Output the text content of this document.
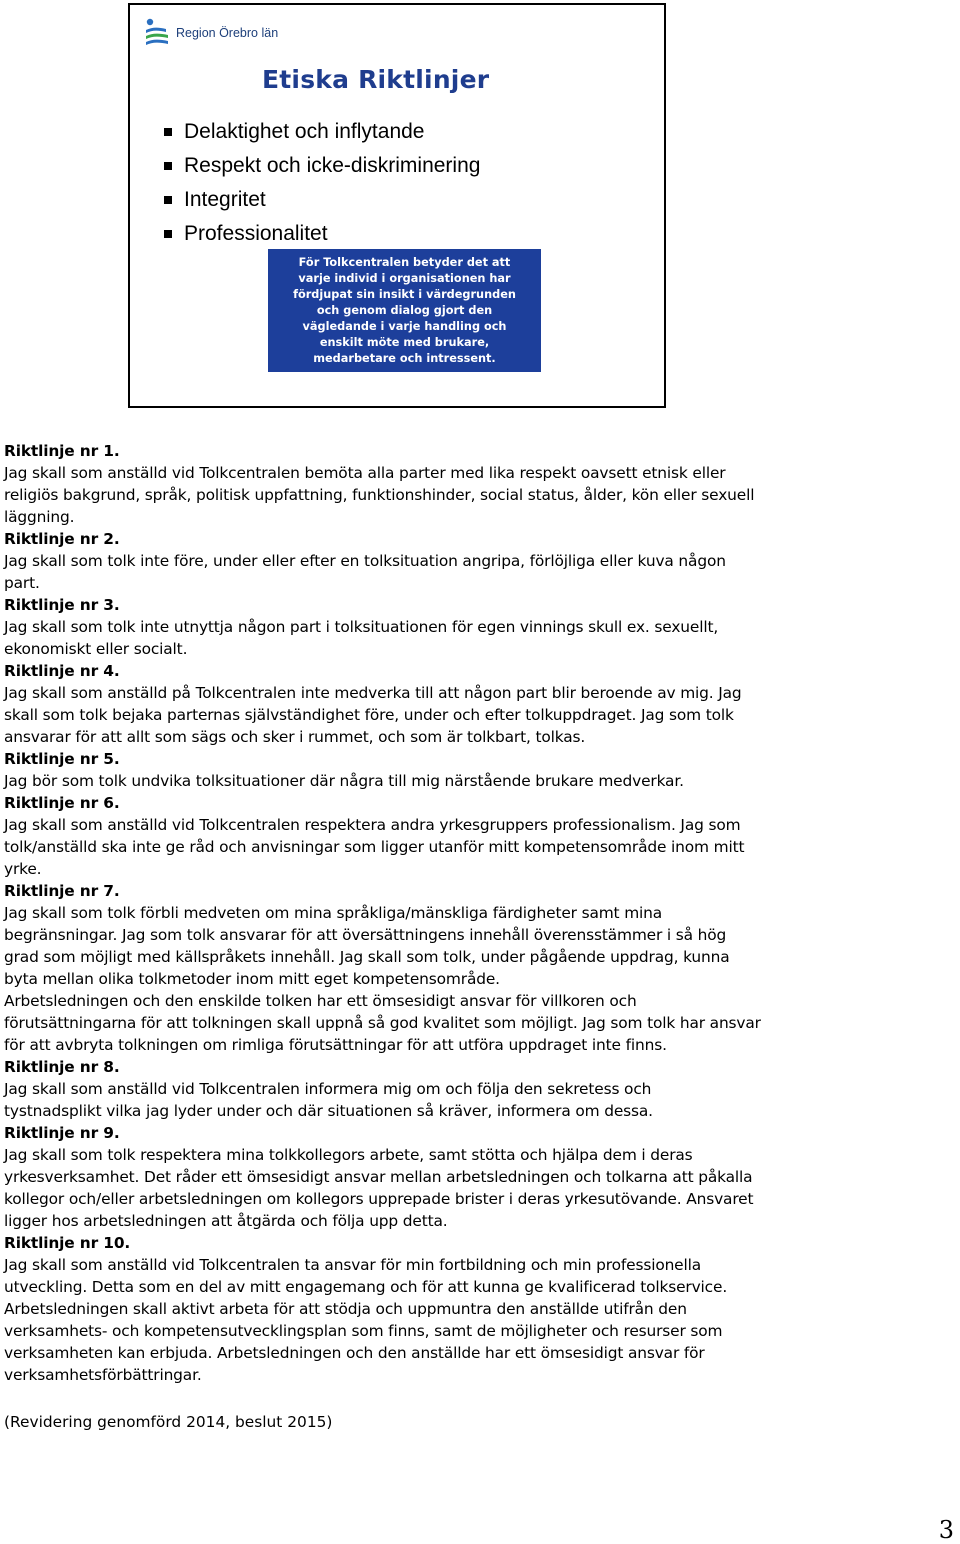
Region Örebro län
Etiska Riktlinjer
Delaktighet och inflytande
Respekt och icke-diskriminering
Integritet
Professionalitet
För Tolkcentralen betyder det att
varje individ i organisationen har
fördjupat sin insikt i värdegrunden
och genom dialog gjort den
vägledande i varje handling och
enskilt möte med brukare,
medarbetare och intressent.
Riktlinje nr 1.
Jag skall som anställd vid Tolkcentralen bemöta alla parter med lika respekt oavsett etnisk eller
religiös bakgrund, språk, politisk uppfattning, funktionshinder, social status, ålder, kön eller sexuell
läggning.
Riktlinje nr 2.
Jag skall som tolk inte före, under eller efter en tolksituation angripa, förlöjliga eller kuva någon
part.
Riktlinje nr 3.
Jag skall som tolk inte utnyttja någon part i tolksituationen för egen vinnings skull ex. sexuellt,
ekonomiskt eller socialt.
Riktlinje nr 4.
Jag skall som anställd på Tolkcentralen inte medverka till att någon part blir beroende av mig. Jag
skall som tolk bejaka parternas självständighet före, under och efter tolkuppdraget. Jag som tolk
ansvarar för att allt som sägs och sker i rummet, och som är tolkbart, tolkas.
Riktlinje nr 5.
Jag bör som tolk undvika tolksituationer där några till mig närstående brukare medverkar.
Riktlinje nr 6.
Jag skall som anställd vid Tolkcentralen respektera andra yrkesgruppers professionalism. Jag som
tolk/anställd ska inte ge råd och anvisningar som ligger utanför mitt kompetensområde inom mitt
yrke.
Riktlinje nr 7.
Jag skall som tolk förbli medveten om mina språkliga/mänskliga färdigheter samt mina
begränsningar. Jag som tolk ansvarar för att översättningens innehåll överensstämmer i så hög
grad som möjligt med källspråkets innehåll. Jag skall som tolk, under pågående uppdrag, kunna
byta mellan olika tolkmetoder inom mitt eget kompetensområde.
Arbetsledningen och den enskilde tolken har ett ömsesidigt ansvar för villkoren och
förutsättningarna för att tolkningen skall uppnå så god kvalitet som möjligt. Jag som tolk har ansvar
för att avbryta tolkningen om rimliga förutsättningar för att utföra uppdraget inte finns.
Riktlinje nr 8.
Jag skall som anställd vid Tolkcentralen informera mig om och följa den sekretess och
tystnadsplikt vilka jag lyder under och där situationen så kräver, informera om dessa.
Riktlinje nr 9.
Jag skall som tolk respektera mina tolkkollegors arbete, samt stötta och hjälpa dem i deras
yrkesverksamhet. Det råder ett ömsesidigt ansvar mellan arbetsledningen och tolkarna att påkalla
kollegor och/eller arbetsledningen om kollegors upprepade brister i deras yrkesutövande. Ansvaret
ligger hos arbetsledningen att åtgärda och följa upp detta.
Riktlinje nr 10.
Jag skall som anställd vid Tolkcentralen ta ansvar för min fortbildning och min professionella
utveckling. Detta som en del av mitt engagemang och för att kunna ge kvalificerad tolkservice.
Arbetsledningen skall aktivt arbeta för att stödja och uppmuntra den anställde utifrån den
verksamhets- och kompetensutvecklingsplan som finns, samt de möjligheter och resurser som
verksamheten kan erbjuda. Arbetsledningen och den anställde har ett ömsesidigt ansvar för
verksamhetsförbättringar.
(Revidering genomförd 2014, beslut 2015)
3
